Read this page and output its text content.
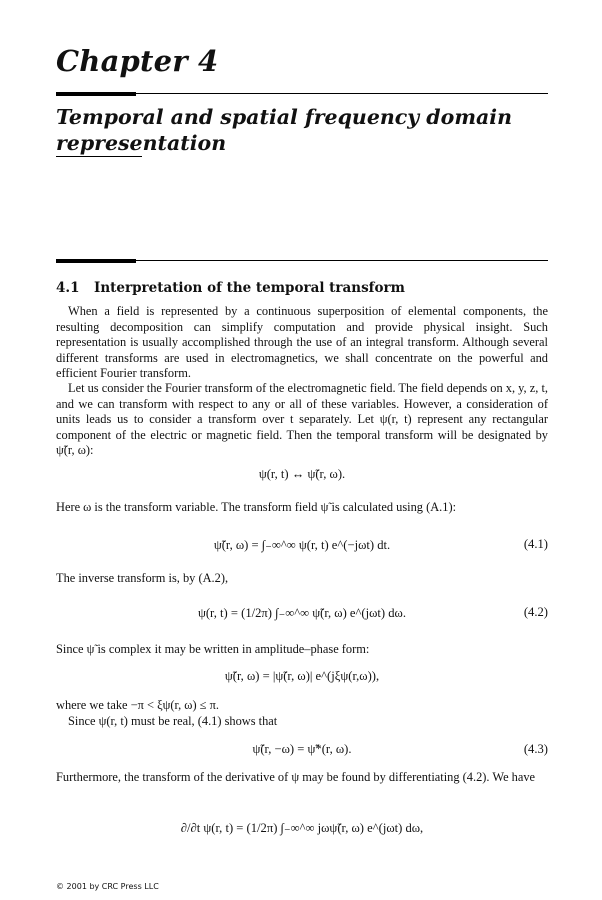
Chapter 4
Temporal and spatial frequency domain representation
4.1 Interpretation of the temporal transform

When a field is represented by a continuous superposition of elemental components, the resulting decomposition can simplify computation and provide physical insight. Such representation is usually accomplished through the use of an integral transform. Although several different transforms are used in electromagnetics, we shall concentrate on the powerful and efficient Fourier transform.

Let us consider the Fourier transform of the electromagnetic field. The field depends on x, y, z, t, and we can transform with respect to any or all of these variables. However, a consideration of units leads us to consider a transform over t separately. Let ψ(r, t) represent any rectangular component of the electric or magnetic field. Then the temporal transform will be designated by ψ̃(r, ω):

ψ(r, t) ↔ ψ̃(r, ω).

Here ω is the transform variable. The transform field ψ̃ is calculated using (A.1):

ψ̃(r, ω) = ∫₋∞^∞ ψ(r, t) e^(−jωt) dt.	(4.1)

The inverse transform is, by (A.2),

ψ(r, t) = (1/2π) ∫₋∞^∞ ψ̃(r, ω) e^(jωt) dω.	(4.2)

Since ψ̃ is complex it may be written in amplitude–phase form:

ψ̃(r, ω) = |ψ̃(r, ω)| e^(jξψ(r,ω)),

where we take −π < ξψ(r, ω) ≤ π.

Since ψ(r, t) must be real, (4.1) shows that

ψ̃(r, −ω) = ψ̃*(r, ω).	(4.3)

Furthermore, the transform of the derivative of ψ may be found by differentiating (4.2). We have

∂/∂t ψ(r, t) = (1/2π) ∫₋∞^∞ jωψ̃(r, ω) e^(jωt) dω,

© 2001 by CRC Press LLC
